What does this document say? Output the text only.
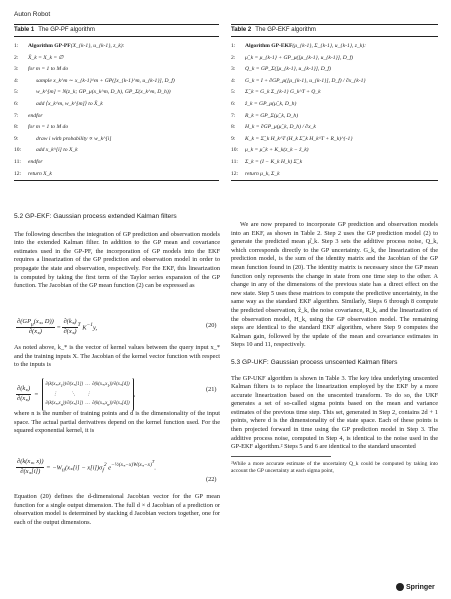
Auton Robot
Table 1 The GP-PF algorithm
1:	Algorithm GP-PF(X_{k-1}, u_{k-1}, z_k):
2:	X̄_k = X_k = ∅
3:	for m = 1 to M do
4:	sample x_k^m ∼ x_{k-1}^m + GP([x_{k-1}^m, u_{k-1}], D_f)
5:	w_k^[m] = N(z_k; GP_μ(x_k^m, D_h), GP_Σ(x_k^m, D_h))
6:	add ⟨x_k^m, w_k^[m]⟩ to X̄_k
7:	endfor
8:	for m = 1 to M do
9:	draw i with probability ∝ w_k^[i]
10:	add x_k^[i] to X_k
11:	endfor
12:	return X_k
Table 2 The GP-EKF algorithm
1:	Algorithm GP-EKF(μ_{k-1}, Σ_{k-1}, u_{k-1}, z_k):
2:	μ̂_k = μ_{k-1} + GP_μ([μ_{k-1}, u_{k-1}], D_f)
3:	Q_k = GP_Σ([μ_{k-1}, u_{k-1}], D_f)
4:	G_k = I + ∂GP_μ([μ_{k-1}, u_{k-1}], D_f) / ∂x_{k-1}
5:	Σ̂_k = G_k Σ_{k-1} G_k^T + Q_k
6:	ẑ_k = GP_μ(μ̂_k, D_h)
7:	R_k = GP_Σ(μ̂_k, D_h)
8:	H_k = ∂GP_μ(μ̂_k, D_h) / ∂x_k
9:	K_k = Σ̂_k H_k^T (H_k Σ̂_k H_k^T + R_k)^{-1}
10:	μ_k = μ̂_k + K_k(z_k − ẑ_k)
11:	Σ_k = (I − K_k H_k) Σ̂_k
12:	return μ_k, Σ_k
5.2 GP-EKF: Gaussian process extended Kalman filters

The following describes the integration of GP prediction and observation models into the extended Kalman filter. In addition to the GP mean and covariance estimates used in the GP-PF, the incorporation of GP models into the EKF requires a linearization of the GP prediction and observation model in order to propagate the state and observation, respectively. For the EKF, this linearization is computed by taking the first term of the Taylor series expansion of the GP function. The Jacobian of the GP mean function (2) can be expressed as

$\frac{\partial(GP_\mu(x_*, D))}{\partial(x_*)} = \frac{\partial(k_*)}{\partial(x_*)} ^T$ $K^{-1}y$,	(20)

As noted above, k_* is the vector of kernel values between the query input x_* and the training inputs X. The Jacobian of the kernel vector function with respect to the inputs is

$\frac{\partial(k_*)}{\partial(x_*)}$ =
$\partial(k(x_*,x_1))/\partial(x_*[1])$  …  $\partial(k(x_*,x_1))/\partial(x_*[d])$
⋮           ⋱         ⋮
$\partial(k(x_*,x_n))/\partial(x_*[1])$  …  $\partial(k(x_*,x_n))/\partial(x_*[d])$
,
(21)

where n is the number of training points and d is the dimensionality of the input space. The actual partial derivatives depend on the kernel function used. For the squared exponential kernel, it is

$\frac{\partial(k(x_*, x))}{\partial(x_*[i])} = -W_{ii}(x_*[i] - x[i])\sigma_f^2$ $e^{-\frac{1}{2}(x_*-x)W(x_*-x)^T}$.
(22)

Equation (20) defines the d-dimensional Jacobian vector for the GP mean function for a single output dimension. The full d × d Jacobian of a prediction or observation model is determined by stacking d Jacobian vectors together, one for each of the output dimensions.

We are now prepared to incorporate GP prediction and observation models into an EKF, as shown in Table 2. Step 2 uses the GP prediction model (2) to generate the predicted mean μ̂_k. Step 3 sets the additive process noise, Q_k, which corresponds directly to the GP uncertainty. G_k, the linearization of the prediction model, is the sum of the identity matrix and the Jacobian of the GP mean function found in (20). The identity matrix is necessary since the GP mean function only represents the change in state from one time step to the other. A change in any of the dimensions of the previous state has a direct effect on the new state. Step 5 uses these matrices to compute the predictive uncertainty, in the same way as the standard EKF algorithm. Similarly, Steps 6 through 8 compute the predicted observation, ẑ_k, the noise covariance, R_k, and the linearization of the observation model, H_k, using the GP observation model. The remaining steps are identical to the standard EKF algorithm, where Step 9 computes the Kalman gain, followed by the update of the mean and covariance estimates in Steps 10 and 11, respectively.

5.3 GP-UKF: Gaussian process unscented Kalman filters

The GP-UKF algorithm is shown in Table 3. The key idea underlying unscented Kalman filters is to replace the linearization employed by the EKF by a more accurate linearization based on the unscented transform. To do so, the UKF generates a set of so-called sigma points based on the mean and variance estimates of the previous time step. This set, generated in Step 2, contains 2d + 1 points, where d is the dimensionality of the state space. Each of these points is then projected forward in time using the GP prediction model in Step 3. The additive process noise, computed in Step 4, is identical to the noise used in the GP-EKF algorithm.² Steps 5 and 6 are identical to the standard unscented

²While a more accurate estimate of the uncertainty Q_k could be computed by taking into account the GP uncertainty at each sigma point,

Springer
